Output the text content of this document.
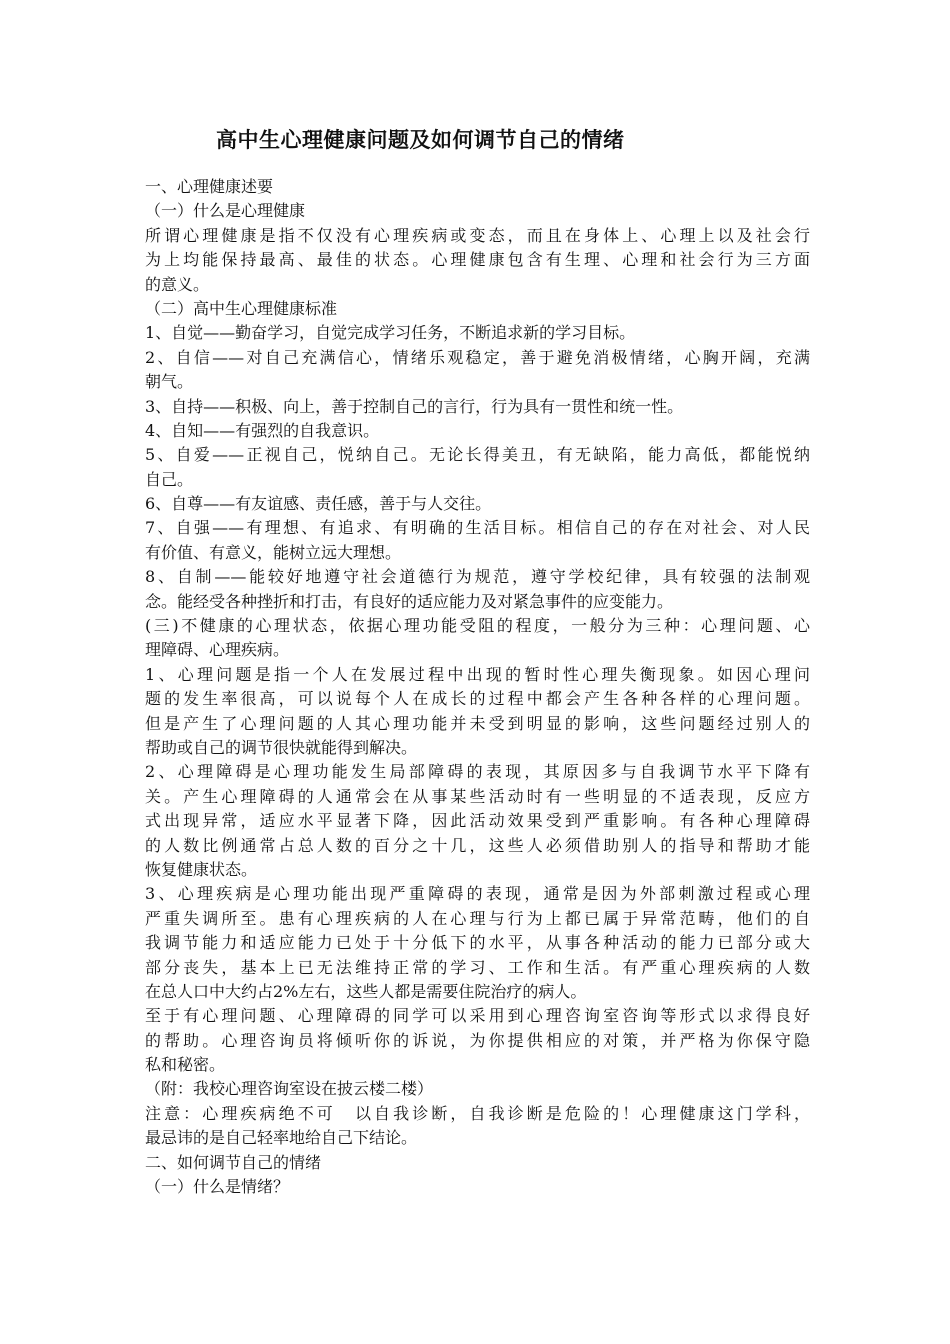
高中生心理健康问题及如何调节自己的情绪
一、心理健康述要
（一）什么是心理健康
所谓心理健康是指不仅没有心理疾病或变态，而且在身体上、心理上以及社会行
为上均能保持最高、最佳的状态。心理健康包含有生理、心理和社会行为三方面
的意义。
（二）高中生心理健康标准
1、自觉——勤奋学习，自觉完成学习任务，不断追求新的学习目标。
2、自信——对自己充满信心，情绪乐观稳定，善于避免消极情绪，心胸开阔，充满
朝气。
3、自持——积极、向上，善于控制自己的言行，行为具有一贯性和统一性。
4、自知——有强烈的自我意识。
5、自爱——正视自己，悦纳自己。无论长得美丑，有无缺陷，能力高低，都能悦纳
自己。
6、自尊——有友谊感、责任感，善于与人交往。
7、自强——有理想、有追求、有明确的生活目标。相信自己的存在对社会、对人民
有价值、有意义，能树立远大理想。
8、自制——能较好地遵守社会道德行为规范，遵守学校纪律，具有较强的法制观
念。能经受各种挫折和打击，有良好的适应能力及对紧急事件的应变能力。
(三)不健康的心理状态，依据心理功能受阻的程度，一般分为三种：心理问题、心
理障碍、心理疾病。
1、心理问题是指一个人在发展过程中出现的暂时性心理失衡现象。如因心理问
题的发生率很高，可以说每个人在成长的过程中都会产生各种各样的心理问题。
但是产生了心理问题的人其心理功能并未受到明显的影响，这些问题经过别人的
帮助或自己的调节很快就能得到解决。
2、心理障碍是心理功能发生局部障碍的表现，其原因多与自我调节水平下降有
关。产生心理障碍的人通常会在从事某些活动时有一些明显的不适表现，反应方
式出现异常，适应水平显著下降，因此活动效果受到严重影响。有各种心理障碍
的人数比例通常占总人数的百分之十几，这些人必须借助别人的指导和帮助才能
恢复健康状态。
3、心理疾病是心理功能出现严重障碍的表现，通常是因为外部刺激过程或心理
严重失调所至。患有心理疾病的人在心理与行为上都已属于异常范畴，他们的自
我调节能力和适应能力已处于十分低下的水平，从事各种活动的能力已部分或大
部分丧失，基本上已无法维持正常的学习、工作和生活。有严重心理疾病的人数
在总人口中大约占2%左右，这些人都是需要住院治疗的病人。
至于有心理问题、心理障碍的同学可以采用到心理咨询室咨询等形式以求得良好
的帮助。心理咨询员将倾听你的诉说，为你提供相应的对策，并严格为你保守隐
私和秘密。
（附：我校心理咨询室设在披云楼二楼）
注意：心理疾病绝不可　以自我诊断，自我诊断是危险的！心理健康这门学科，
最忌讳的是自己轻率地给自己下结论。
二、如何调节自己的情绪
（一）什么是情绪？
